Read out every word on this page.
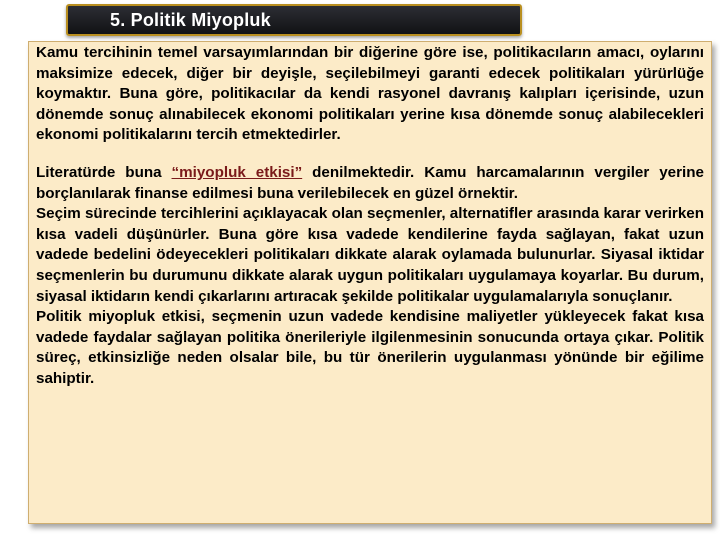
5. Politik Miyopluk

Kamu tercihinin temel varsayımlarından bir diğerine göre ise, politikacıların amacı, oylarını maksimize edecek, diğer bir deyişle, seçilebilmeyi garanti edecek politikaları yürürlüğe koymaktır. Buna göre, politikacılar da kendi rasyonel davranış kalıpları içerisinde, uzun dönemde sonuç alınabilecek ekonomi politikaları yerine kısa dönemde sonuç alabilecekleri ekonomi politikalarını tercih etmektedirler.

Literatürde buna “miyopluk etkisi” denilmektedir. Kamu harcamalarının vergiler yerine borçlanılarak finanse edilmesi buna verilebilecek en güzel örnektir.

Seçim sürecinde tercihlerini açıklayacak olan seçmenler, alternatifler arasında karar verirken kısa vadeli düşünürler. Buna göre kısa vadede kendilerine fayda sağlayan, fakat uzun vadede bedelini ödeyecekleri politikaları dikkate alarak oylamada bulunurlar. Siyasal iktidar seçmenlerin bu durumunu dikkate alarak uygun politikaları uygulamaya koyarlar. Bu durum, siyasal iktidarın kendi çıkarlarını artıracak şekilde politikalar uygulamalarıyla sonuçlanır.

Politik miyopluk etkisi, seçmenin uzun vadede kendisine maliyetler yükleyecek fakat kısa vadede faydalar sağlayan politika önerileriyle ilgilenmesinin sonucunda ortaya çıkar. Politik süreç, etkinsizliğe neden olsalar bile, bu tür önerilerin uygulanması yönünde bir eğilime sahiptir.
